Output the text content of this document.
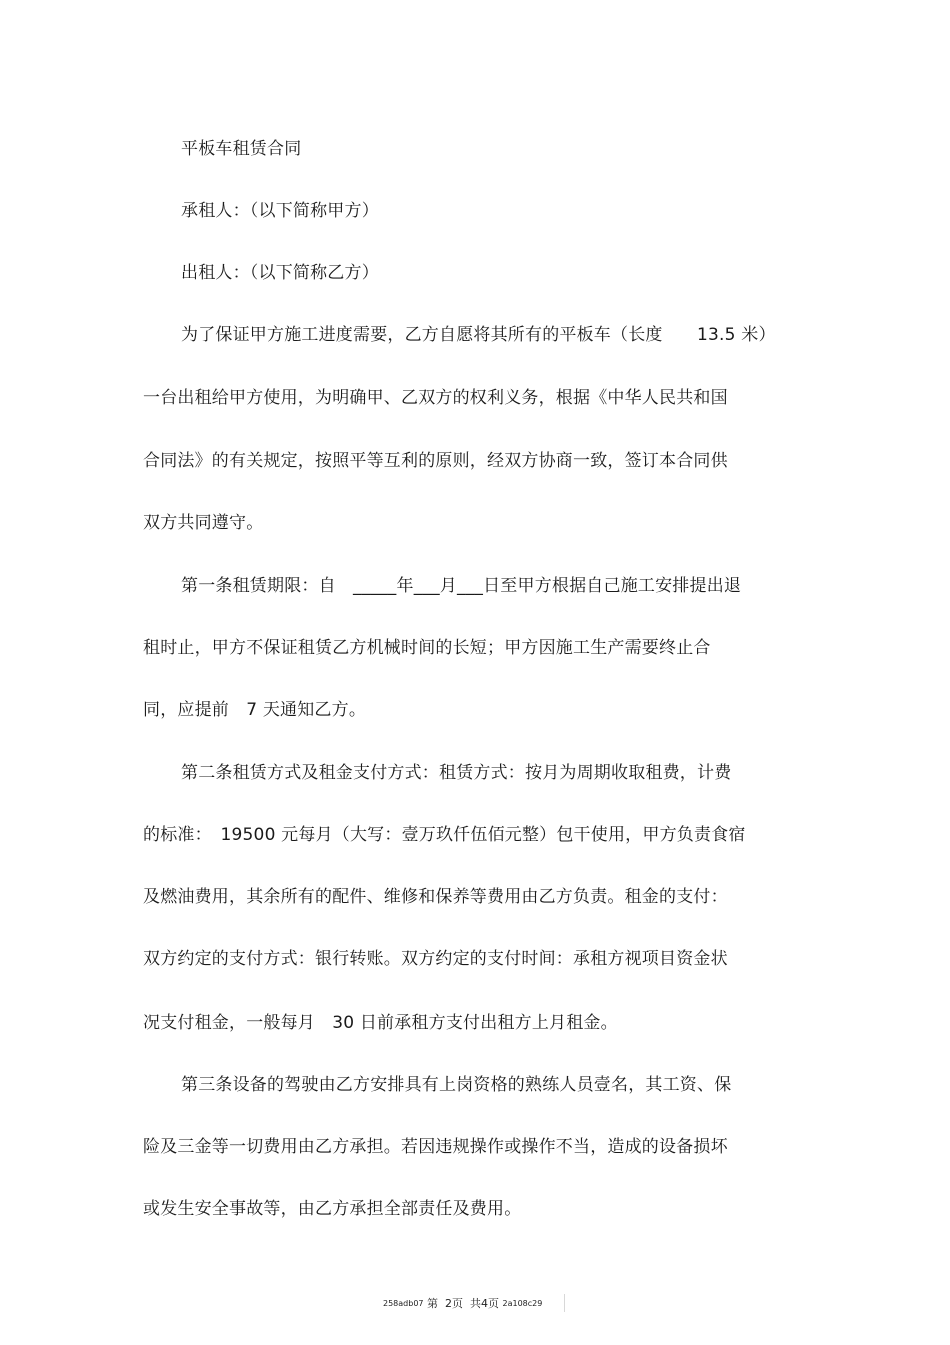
平板车租赁合同
承租人：（以下简称甲方）
出租人：（以下简称乙方）
为了保证甲方施工进度需要，乙方自愿将其所有的平板车（长度　　13.5 米）
一台出租给甲方使用，为明确甲、乙双方的权利义务，根据《中华人民共和国
合同法》的有关规定，按照平等互利的原则，经双方协商一致，签订本合同供
双方共同遵守。
第一条租赁期限：自　_____年___月___日至甲方根据自己施工安排提出退
租时止，甲方不保证租赁乙方机械时间的长短；甲方因施工生产需要终止合
同，应提前　7 天通知乙方。
第二条租赁方式及租金支付方式：租赁方式：按月为周期收取租费，计费
的标准：　19500 元每月（大写：壹万玖仟伍佰元整）包干使用，甲方负责食宿
及燃油费用，其余所有的配件、维修和保养等费用由乙方负责。租金的支付：
双方约定的支付方式：银行转账。双方约定的支付时间：承租方视项目资金状
况支付租金，一般每月　30 日前承租方支付出租方上月租金。
第三条设备的驾驶由乙方安排具有上岗资格的熟练人员壹名，其工资、保
险及三金等一切费用由乙方承担。若因违规操作或操作不当，造成的设备损坏
或发生安全事故等，由乙方承担全部责任及费用。
258adb07 第  2页  共4页 2a108c29
